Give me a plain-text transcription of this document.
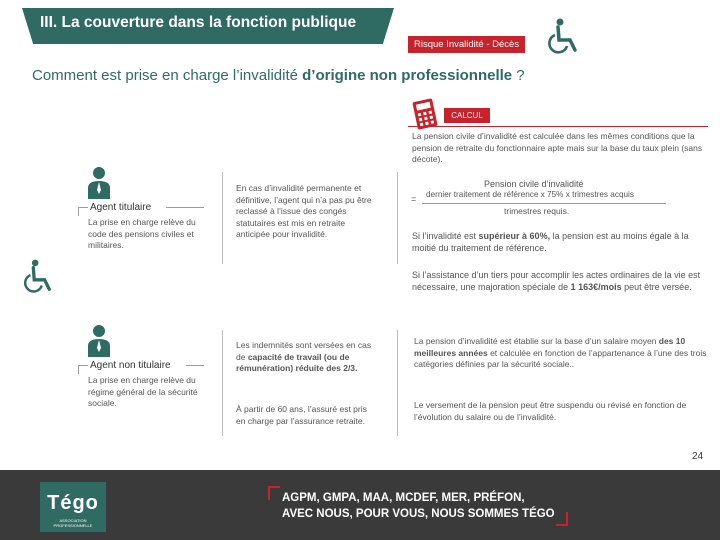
III. La couverture dans la fonction publique
Risque Invalidité - Décès
Comment est prise en charge l’invalidité d’origine non professionnelle ?
CALCUL
La pension civile d’invalidité est calculée dans les mêmes conditions que la pension de retraite du fonctionnaire apte mais sur la base du taux plein (sans décote).
Agent titulaire
La prise en charge relève du code des pensions civiles et militaires.
En cas d’invalidité permanente et définitive, l’agent qui n’a pas pu être reclassé à l’issue des congés statutaires est mis en retraite anticipée pour invalidité.
Pension civile d’invalidité
= dernier traitement de référence x 75% x trimestres acquis
trimestres requis.
Si l’invalidité est supérieur à 60%, la pension est au moins égale à la moitié du traitement de référence.
Si l’assistance d’un tiers pour accomplir les actes ordinaires de la vie est nécessaire, une majoration spéciale de 1 163€/mois peut être versée.
Agent non titulaire
La prise en charge relève du régime général de la sécurité sociale.
Les indemnités sont versées en cas de capacité de travail (ou de rémunération) réduite des 2/3.
À partir de 60 ans, l’assuré est pris en charge par l’assurance retraite.
La pension d’invalidité est établie sur la base d’un salaire moyen des 10 meilleures années et calculée en fonction de l’appartenance à l’une des trois catégories définies par la sécurité sociale..
Le versement de la pension peut être suspendu ou révisé en fonction de l’évolution du salaire ou de l’invalidité.
24
Tégo
ASSOCIATION PROFESSIONNELLE
AGPM, GMPA, MAA, MCDEF, MER, PRÉFON,
AVEC NOUS, POUR VOUS, NOUS SOMMES TÉGO
